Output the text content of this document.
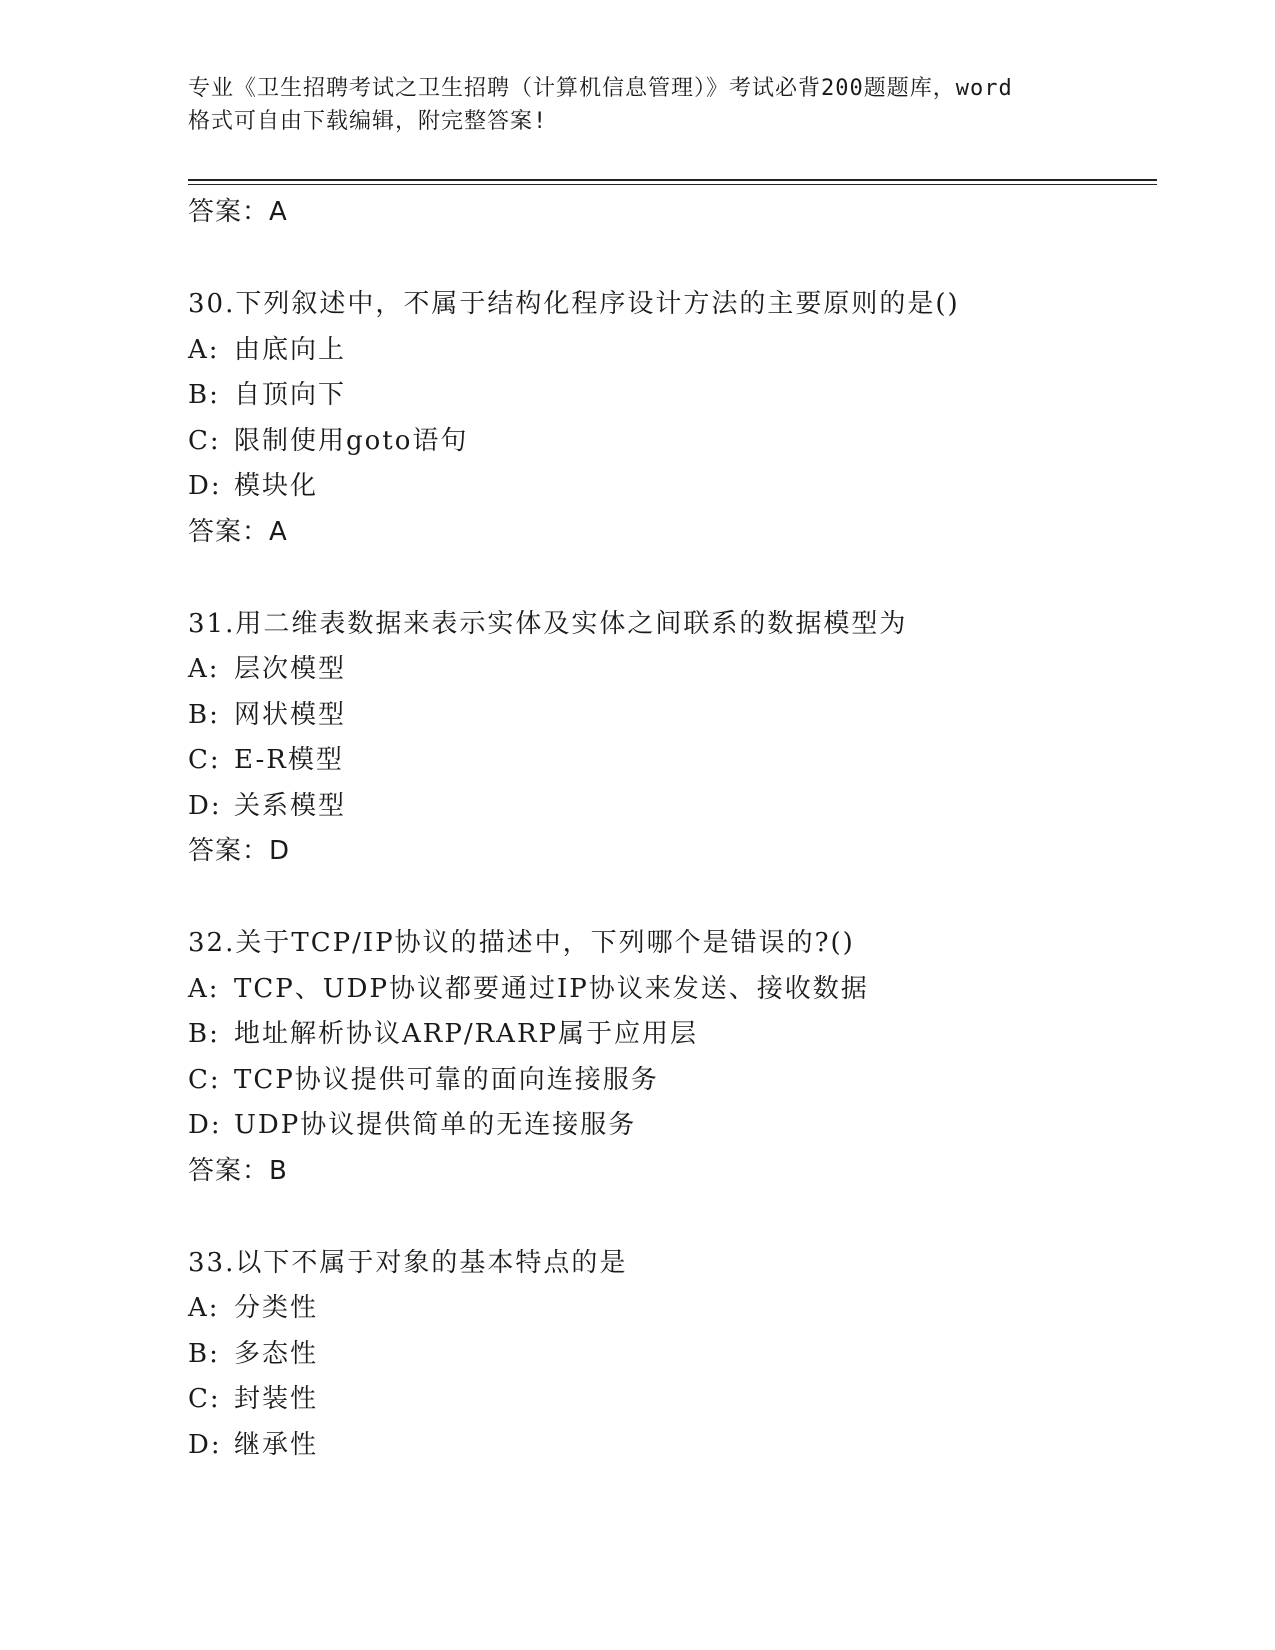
专业《卫生招聘考试之卫生招聘（计算机信息管理）》考试必背200题题库，word
格式可自由下载编辑，附完整答案!
答案：A
30.下列叙述中，不属于结构化程序设计方法的主要原则的是()
A: 由底向上
B: 自顶向下
C: 限制使用goto语句
D: 模块化
答案：A
31.用二维表数据来表示实体及实体之间联系的数据模型为
A: 层次模型
B: 网状模型
C: E-R模型
D: 关系模型
答案：D
32.关于TCP/IP协议的描述中，下列哪个是错误的?()
A: TCP、UDP协议都要通过IP协议来发送、接收数据
B: 地址解析协议ARP/RARP属于应用层
C: TCP协议提供可靠的面向连接服务
D: UDP协议提供简单的无连接服务
答案：B
33.以下不属于对象的基本特点的是
A: 分类性
B: 多态性
C: 封装性
D: 继承性
